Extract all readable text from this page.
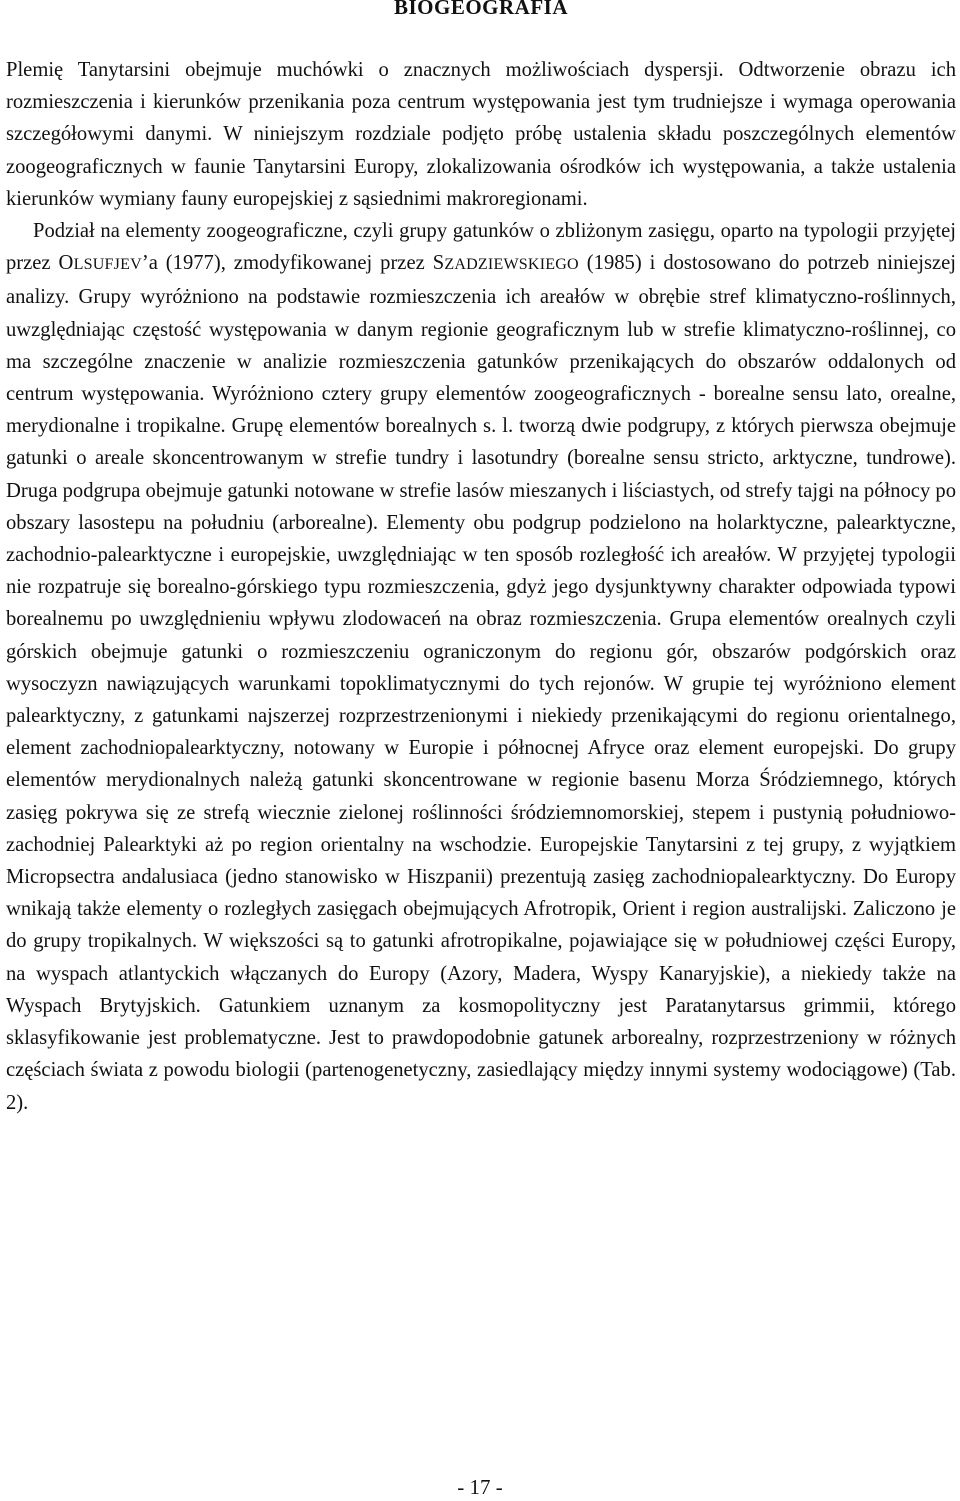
BIOGEOGRAFIA

Plemię Tanytarsini obejmuje muchówki o znacznych możliwościach dyspersji. Odtworzenie obrazu ich rozmieszczenia i kierunków przenikania poza centrum występowania jest tym trudniejsze i wymaga operowania szczegółowymi danymi. W niniejszym rozdziale podjęto próbę ustalenia składu poszczególnych elementów zoogeograficznych w faunie Tanytarsini Europy, zlokalizowania ośrodków ich występowania, a także ustalenia kierunków wymiany fauny europejskiej z sąsiednimi makroregionami.

Podział na elementy zoogeograficzne, czyli grupy gatunków o zbliżonym zasięgu, oparto na typologii przyjętej przez OLSUFJEV’a (1977), zmodyfikowanej przez SZADZIEWSKIEGO (1985) i dostosowano do potrzeb niniejszej analizy. Grupy wyróżniono na podstawie rozmieszczenia ich areałów w obrębie stref klimatyczno-roślinnych, uwzględniając częstość występowania w danym regionie geograficznym lub w strefie klimatyczno-roślinnej, co ma szczególne znaczenie w analizie rozmieszczenia gatunków przenikających do obszarów oddalonych od centrum występowania. Wyróżniono cztery grupy elementów zoogeograficznych - borealne sensu lato, orealne, merydionalne i tropikalne. Grupę elementów borealnych s. l. tworzą dwie podgrupy, z których pierwsza obejmuje gatunki o areale skoncentrowanym w strefie tundry i lasotundry (borealne sensu stricto, arktyczne, tundrowe). Druga podgrupa obejmuje gatunki notowane w strefie lasów mieszanych i liściastych, od strefy tajgi na północy po obszary lasostepu na południu (arborealne). Elementy obu podgrup podzielono na holarktyczne, palearktyczne, zachodnio-palearktyczne i europejskie, uwzględniając w ten sposób rozległość ich areałów. W przyjętej typologii nie rozpatruje się borealno-górskiego typu rozmieszczenia, gdyż jego dysjunktywny charakter odpowiada typowi borealnemu po uwzględnieniu wpływu zlodowaceń na obraz rozmieszczenia. Grupa elementów orealnych czyli górskich obejmuje gatunki o rozmieszczeniu ograniczonym do regionu gór, obszarów podgórskich oraz wysoczyzn nawiązujących warunkami topoklimatycznymi do tych rejonów. W grupie tej wyróżniono element palearktyczny, z gatunkami najszerzej rozprzestrzenionymi i niekiedy przenikającymi do regionu orientalnego, element zachodniopalearktyczny, notowany w Europie i północnej Afryce oraz element europejski. Do grupy elementów merydionalnych należą gatunki skoncentrowane w regionie basenu Morza Śródziemnego, których zasięg pokrywa się ze strefą wiecznie zielonej roślinności śródziemnomorskiej, stepem i pustynią południowo-zachodniej Palearktyki aż po region orientalny na wschodzie. Europejskie Tanytarsini z tej grupy, z wyjątkiem Micropsectra andalusiaca (jedno stanowisko w Hiszpanii) prezentują zasięg zachodniopalearktyczny. Do Europy wnikają także elementy o rozległych zasięgach obejmujących Afrotropik, Orient i region australijski. Zaliczono je do grupy tropikalnych. W większości są to gatunki afrotropikalne, pojawiające się w południowej części Europy, na wyspach atlantyckich włączanych do Europy (Azory, Madera, Wyspy Kanaryjskie), a niekiedy także na Wyspach Brytyjskich. Gatunkiem uznanym za kosmopolityczny jest Paratanytarsus grimmii, którego sklasyfikowanie jest problematyczne. Jest to prawdopodobnie gatunek arborealny, rozprzestrzeniony w różnych częściach świata z powodu biologii (partenogenetyczny, zasiedlający między innymi systemy wodociągowe) (Tab. 2).

- 17 -
